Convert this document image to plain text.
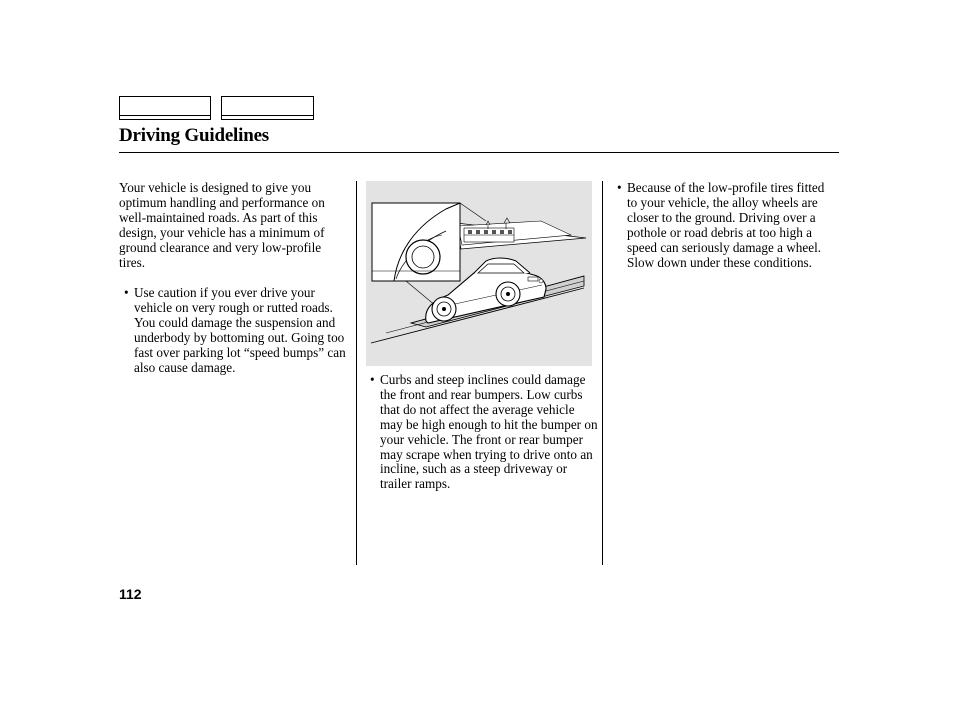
Driving Guidelines
Your vehicle is designed to give you optimum handling and performance on well-maintained roads. As part of this design, your vehicle has a minimum of ground clearance and very low-profile tires.
• Use caution if you ever drive your vehicle on very rough or rutted roads. You could damage the suspension and underbody by bottoming out. Going too fast over parking lot “speed bumps” can also cause damage.
• Curbs and steep inclines could damage the front and rear bumpers. Low curbs that do not affect the average vehicle may be high enough to hit the bumper on your vehicle. The front or rear bumper may scrape when trying to drive onto an incline, such as a steep driveway or trailer ramps.
• Because of the low-profile tires fitted to your vehicle, the alloy wheels are closer to the ground. Driving over a pothole or road debris at too high a speed can seriously damage a wheel. Slow down under these conditions.
112
